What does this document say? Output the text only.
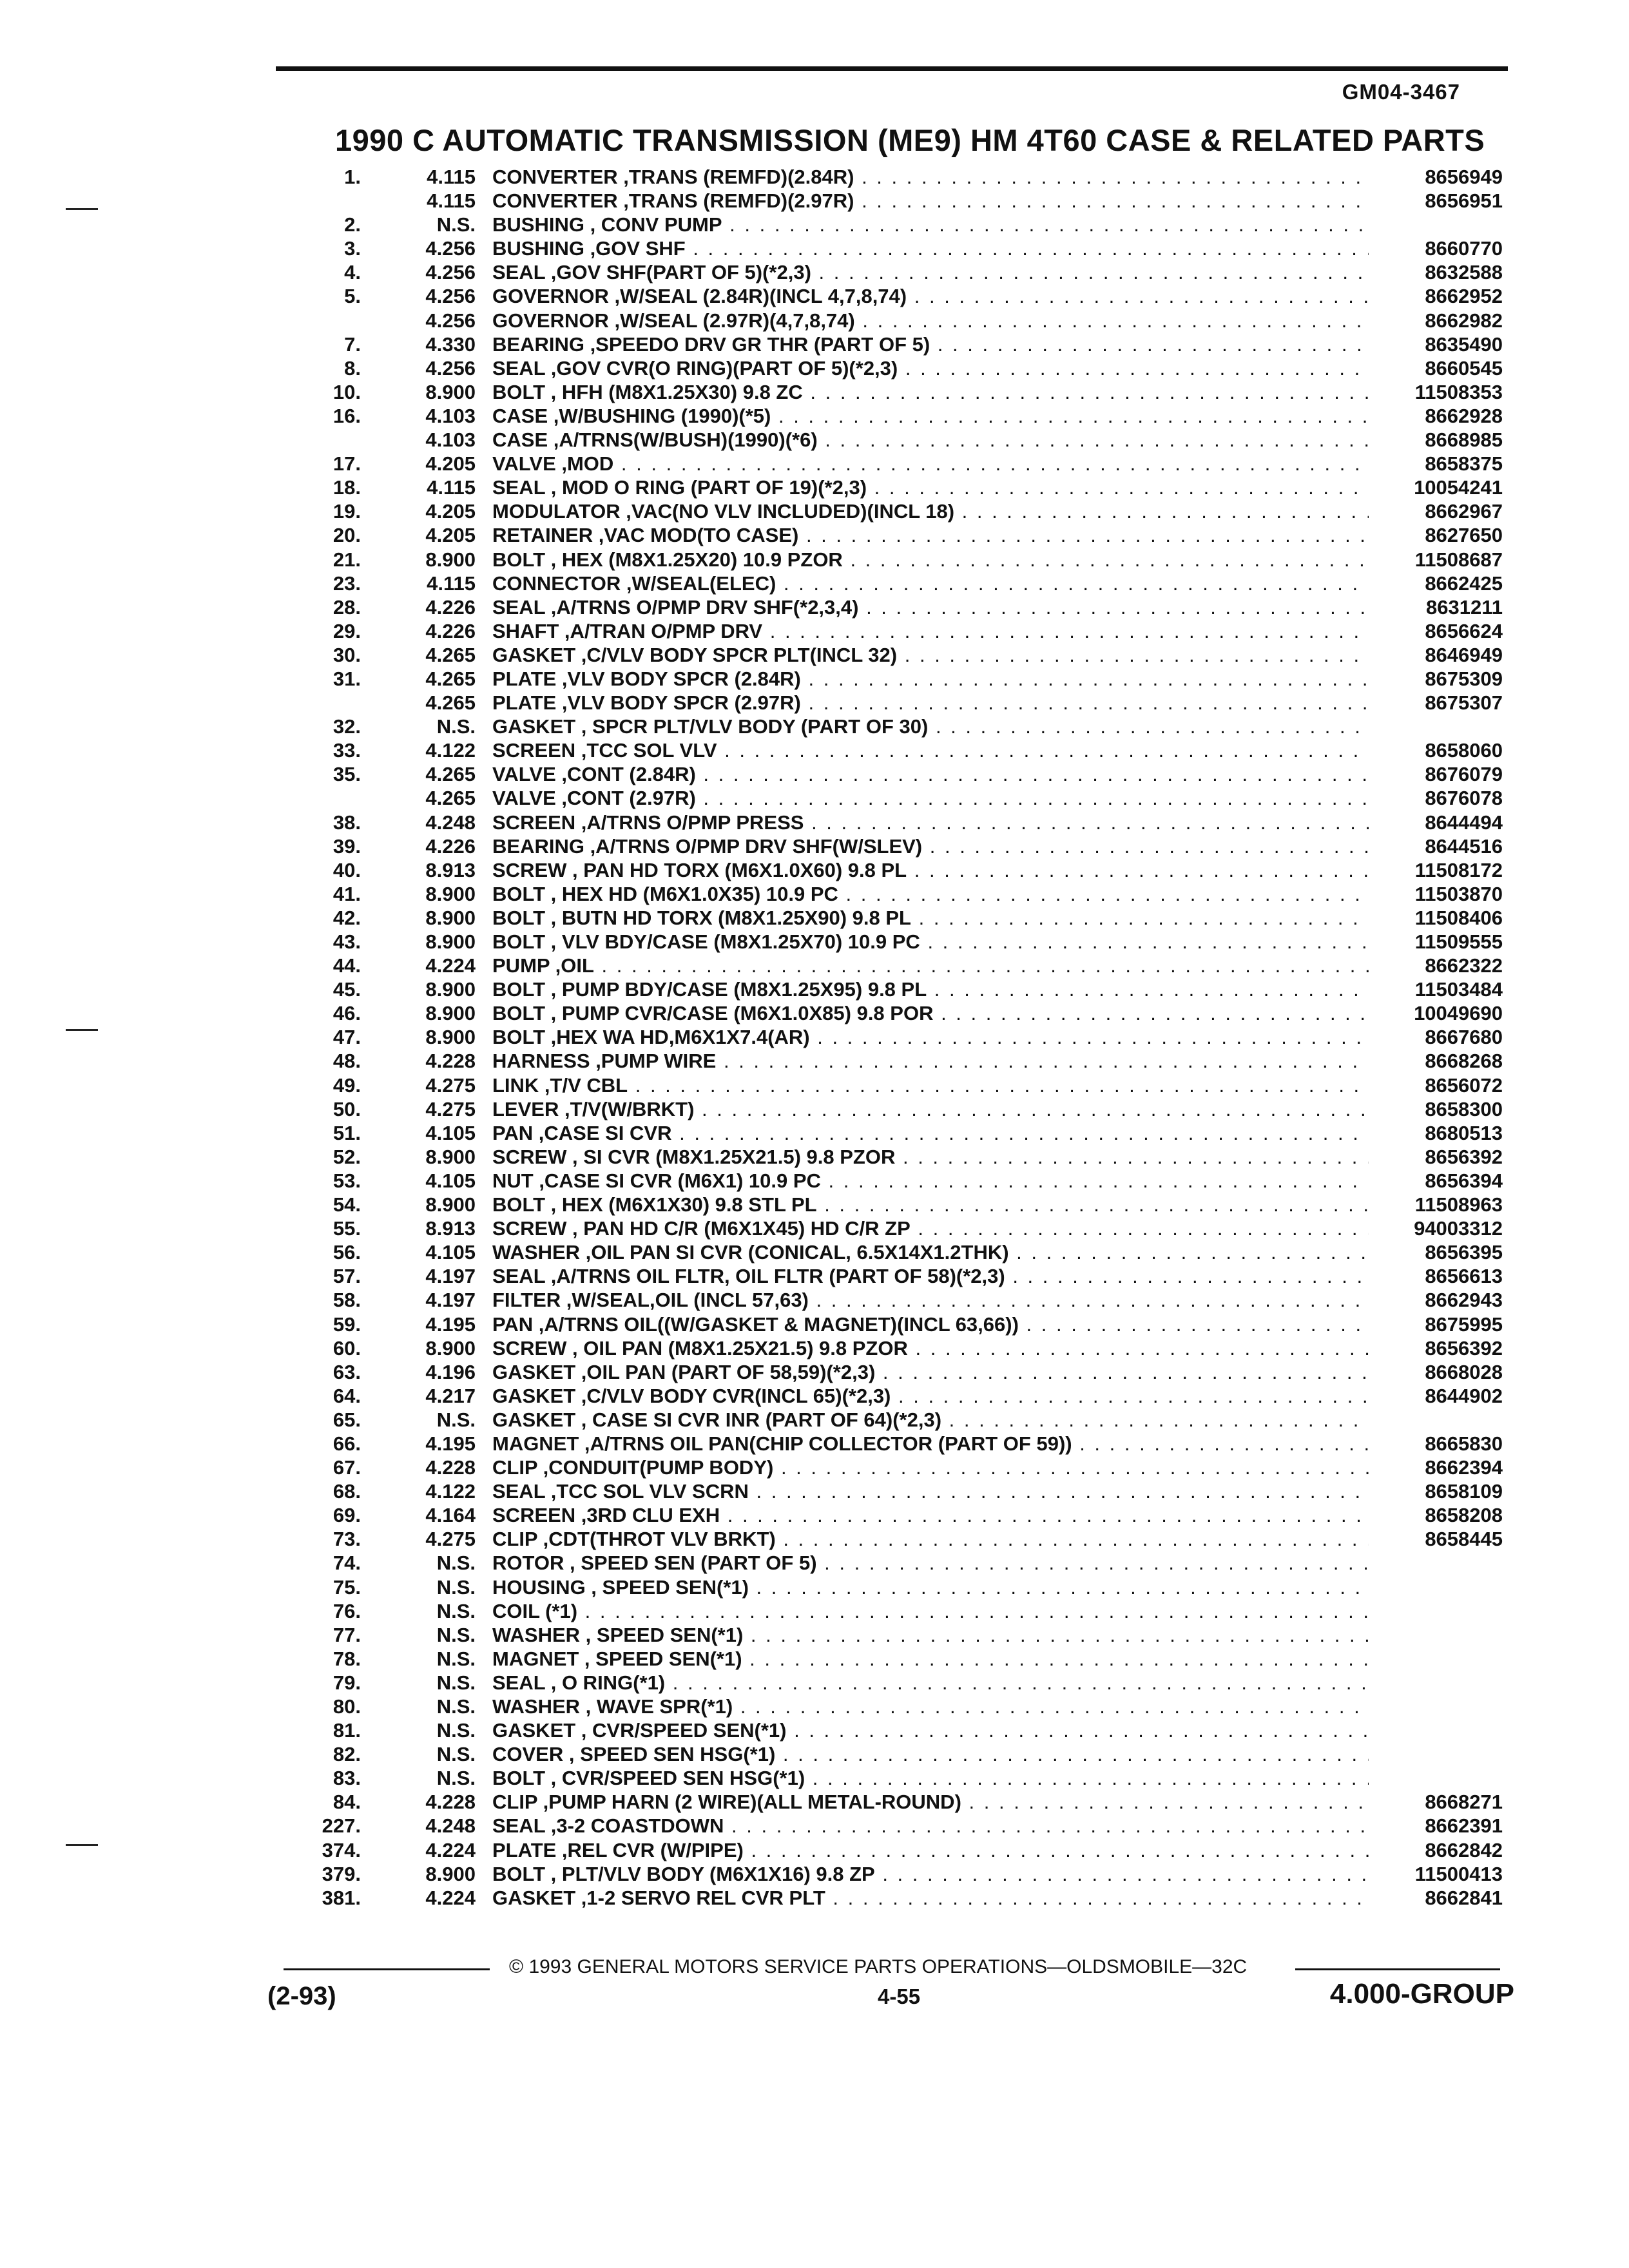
GM04-3467
1990 C AUTOMATIC TRANSMISSION (ME9) HM 4T60 CASE & RELATED PARTS
1.	4.115 CONVERTER ,TRANS (REMFD)(2.84R) . . .	8656949
4.115 CONVERTER ,TRANS (REMFD)(2.97R) . . .	8656951
2.	N.S. BUSHING , CONV PUMP . . .
3.	4.256 BUSHING ,GOV SHF . . .	8660770
4.	4.256 SEAL ,GOV SHF(PART OF 5)(*2,3) . . .	8632588
5.	4.256 GOVERNOR ,W/SEAL (2.84R)(INCL 4,7,8,74) . . .	8662952
4.256 GOVERNOR ,W/SEAL (2.97R)(4,7,8,74) . . .	8662982
7.	4.330 BEARING ,SPEEDO DRV GR THR (PART OF 5) . . .	8635490
8.	4.256 SEAL ,GOV CVR(O RING)(PART OF 5)(*2,3) . . .	8660545
10.	8.900 BOLT , HFH (M8X1.25X30) 9.8 ZC . . .	11508353
16.	4.103 CASE ,W/BUSHING (1990)(*5) . . .	8662928
4.103 CASE ,A/TRNS(W/BUSH)(1990)(*6) . . .	8668985
17.	4.205 VALVE ,MOD . . .	8658375
18.	4.115 SEAL , MOD O RING (PART OF 19)(*2,3) . . .	10054241
19.	4.205 MODULATOR ,VAC(NO VLV INCLUDED)(INCL 18) . . .	8662967
20.	4.205 RETAINER ,VAC MOD(TO CASE) . . .	8627650
21.	8.900 BOLT , HEX (M8X1.25X20) 10.9 PZOR . . .	11508687
23.	4.115 CONNECTOR ,W/SEAL(ELEC) . . .	8662425
28.	4.226 SEAL ,A/TRNS O/PMP DRV SHF(*2,3,4) . . .	8631211
29.	4.226 SHAFT ,A/TRAN O/PMP DRV . . .	8656624
30.	4.265 GASKET ,C/VLV BODY SPCR PLT(INCL 32) . . .	8646949
31.	4.265 PLATE ,VLV BODY SPCR (2.84R) . . .	8675309
4.265 PLATE ,VLV BODY SPCR (2.97R) . . .	8675307
32.	N.S. GASKET , SPCR PLT/VLV BODY (PART OF 30) . . .
33.	4.122 SCREEN ,TCC SOL VLV . . .	8658060
35.	4.265 VALVE ,CONT (2.84R) . . .	8676079
4.265 VALVE ,CONT (2.97R) . . .	8676078
38.	4.248 SCREEN ,A/TRNS O/PMP PRESS . . .	8644494
39.	4.226 BEARING ,A/TRNS O/PMP DRV SHF(W/SLEV) . . .	8644516
40.	8.913 SCREW , PAN HD TORX (M6X1.0X60) 9.8 PL . . .	11508172
41.	8.900 BOLT , HEX HD (M6X1.0X35) 10.9 PC . . .	11503870
42.	8.900 BOLT , BUTN HD TORX (M8X1.25X90) 9.8 PL . . .	11508406
43.	8.900 BOLT , VLV BDY/CASE (M8X1.25X70) 10.9 PC . . .	11509555
44.	4.224 PUMP ,OIL . . .	8662322
45.	8.900 BOLT , PUMP BDY/CASE (M8X1.25X95) 9.8 PL . . .	11503484
46.	8.900 BOLT , PUMP CVR/CASE (M6X1.0X85) 9.8 POR . . .	10049690
47.	8.900 BOLT ,HEX WA HD,M6X1X7.4(AR) . . .	8667680
48.	4.228 HARNESS ,PUMP WIRE . . .	8668268
49.	4.275 LINK ,T/V CBL . . .	8656072
50.	4.275 LEVER ,T/V(W/BRKT) . . .	8658300
51.	4.105 PAN ,CASE SI CVR . . .	8680513
52.	8.900 SCREW , SI CVR (M8X1.25X21.5) 9.8 PZOR . . .	8656392
53.	4.105 NUT ,CASE SI CVR (M6X1) 10.9 PC . . .	8656394
54.	8.900 BOLT , HEX (M6X1X30) 9.8 STL PL . . .	11508963
55.	8.913 SCREW , PAN HD C/R (M6X1X45) HD C/R ZP . . .	94003312
56.	4.105 WASHER ,OIL PAN SI CVR (CONICAL, 6.5X14X1.2THK) . . .	8656395
57.	4.197 SEAL ,A/TRNS OIL FLTR, OIL FLTR (PART OF 58)(*2,3) . . .	8656613
58.	4.197 FILTER ,W/SEAL,OIL (INCL 57,63) . . .	8662943
59.	4.195 PAN ,A/TRNS OIL((W/GASKET & MAGNET)(INCL 63,66)) . . .	8675995
60.	8.900 SCREW , OIL PAN (M8X1.25X21.5) 9.8 PZOR . . .	8656392
63.	4.196 GASKET ,OIL PAN (PART OF 58,59)(*2,3) . . .	8668028
64.	4.217 GASKET ,C/VLV BODY CVR(INCL 65)(*2,3) . . .	8644902
65.	N.S. GASKET , CASE SI CVR INR (PART OF 64)(*2,3) . . .
66.	4.195 MAGNET ,A/TRNS OIL PAN(CHIP COLLECTOR (PART OF 59)) . . .	8665830
67.	4.228 CLIP ,CONDUIT(PUMP BODY) . . .	8662394
68.	4.122 SEAL ,TCC SOL VLV SCRN . . .	8658109
69.	4.164 SCREEN ,3RD CLU EXH . . .	8658208
73.	4.275 CLIP ,CDT(THROT VLV BRKT) . . .	8658445
74.	N.S. ROTOR , SPEED SEN (PART OF 5) . . .
75.	N.S. HOUSING , SPEED SEN(*1) . . .
76.	N.S. COIL (*1) . . .
77.	N.S. WASHER , SPEED SEN(*1) . . .
78.	N.S. MAGNET , SPEED SEN(*1) . . .
79.	N.S. SEAL , O RING(*1) . . .
80.	N.S. WASHER , WAVE SPR(*1) . . .
81.	N.S. GASKET , CVR/SPEED SEN(*1) . . .
82.	N.S. COVER , SPEED SEN HSG(*1) . . .
83.	N.S. BOLT , CVR/SPEED SEN HSG(*1) . . .
84.	4.228 CLIP ,PUMP HARN (2 WIRE)(ALL METAL-ROUND) . . .	8668271
227.	4.248 SEAL ,3-2 COASTDOWN . . .	8662391
374.	4.224 PLATE ,REL CVR (W/PIPE) . . .	8662842
379.	8.900 BOLT , PLT/VLV BODY (M6X1X16) 9.8 ZP . . .	11500413
381.	4.224 GASKET ,1-2 SERVO REL CVR PLT . . .	8662841
© 1993 GENERAL MOTORS SERVICE PARTS OPERATIONS—OLDSMOBILE—32C
(2-93)	4-55	4.000-GROUP
